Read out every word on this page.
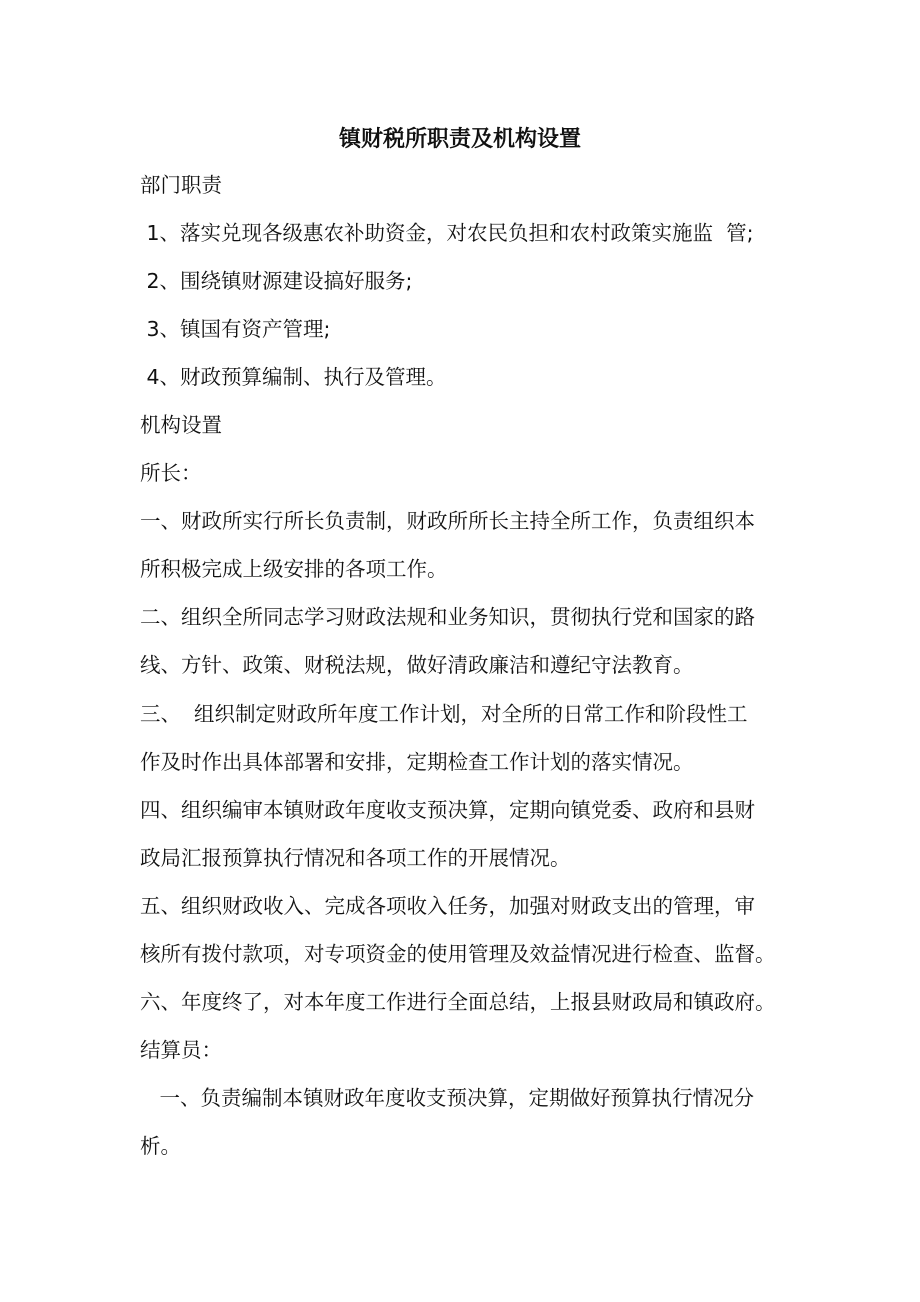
镇财税所职责及机构设置
部门职责
1、落实兑现各级惠农补助资金，对农民负担和农村政策实施监  管;
2、围绕镇财源建设搞好服务;
3、镇国有资产管理;
4、财政预算编制、执行及管理。
机构设置
所长：
一、财政所实行所长负责制，财政所所长主持全所工作，负责组织本
所积极完成上级安排的各项工作。
二、组织全所同志学习财政法规和业务知识，贯彻执行党和国家的路
线、方针、政策、财税法规，做好清政廉洁和遵纪守法教育。
三、  组织制定财政所年度工作计划，对全所的日常工作和阶段性工
作及时作出具体部署和安排，定期检查工作计划的落实情况。
四、组织编审本镇财政年度收支预决算，定期向镇党委、政府和县财
政局汇报预算执行情况和各项工作的开展情况。
五、组织财政收入、完成各项收入任务，加强对财政支出的管理，审
核所有拨付款项，对专项资金的使用管理及效益情况进行检查、监督。
六、年度终了，对本年度工作进行全面总结，上报县财政局和镇政府。
结算员：
一、负责编制本镇财政年度收支预决算，定期做好预算执行情况分
析。
